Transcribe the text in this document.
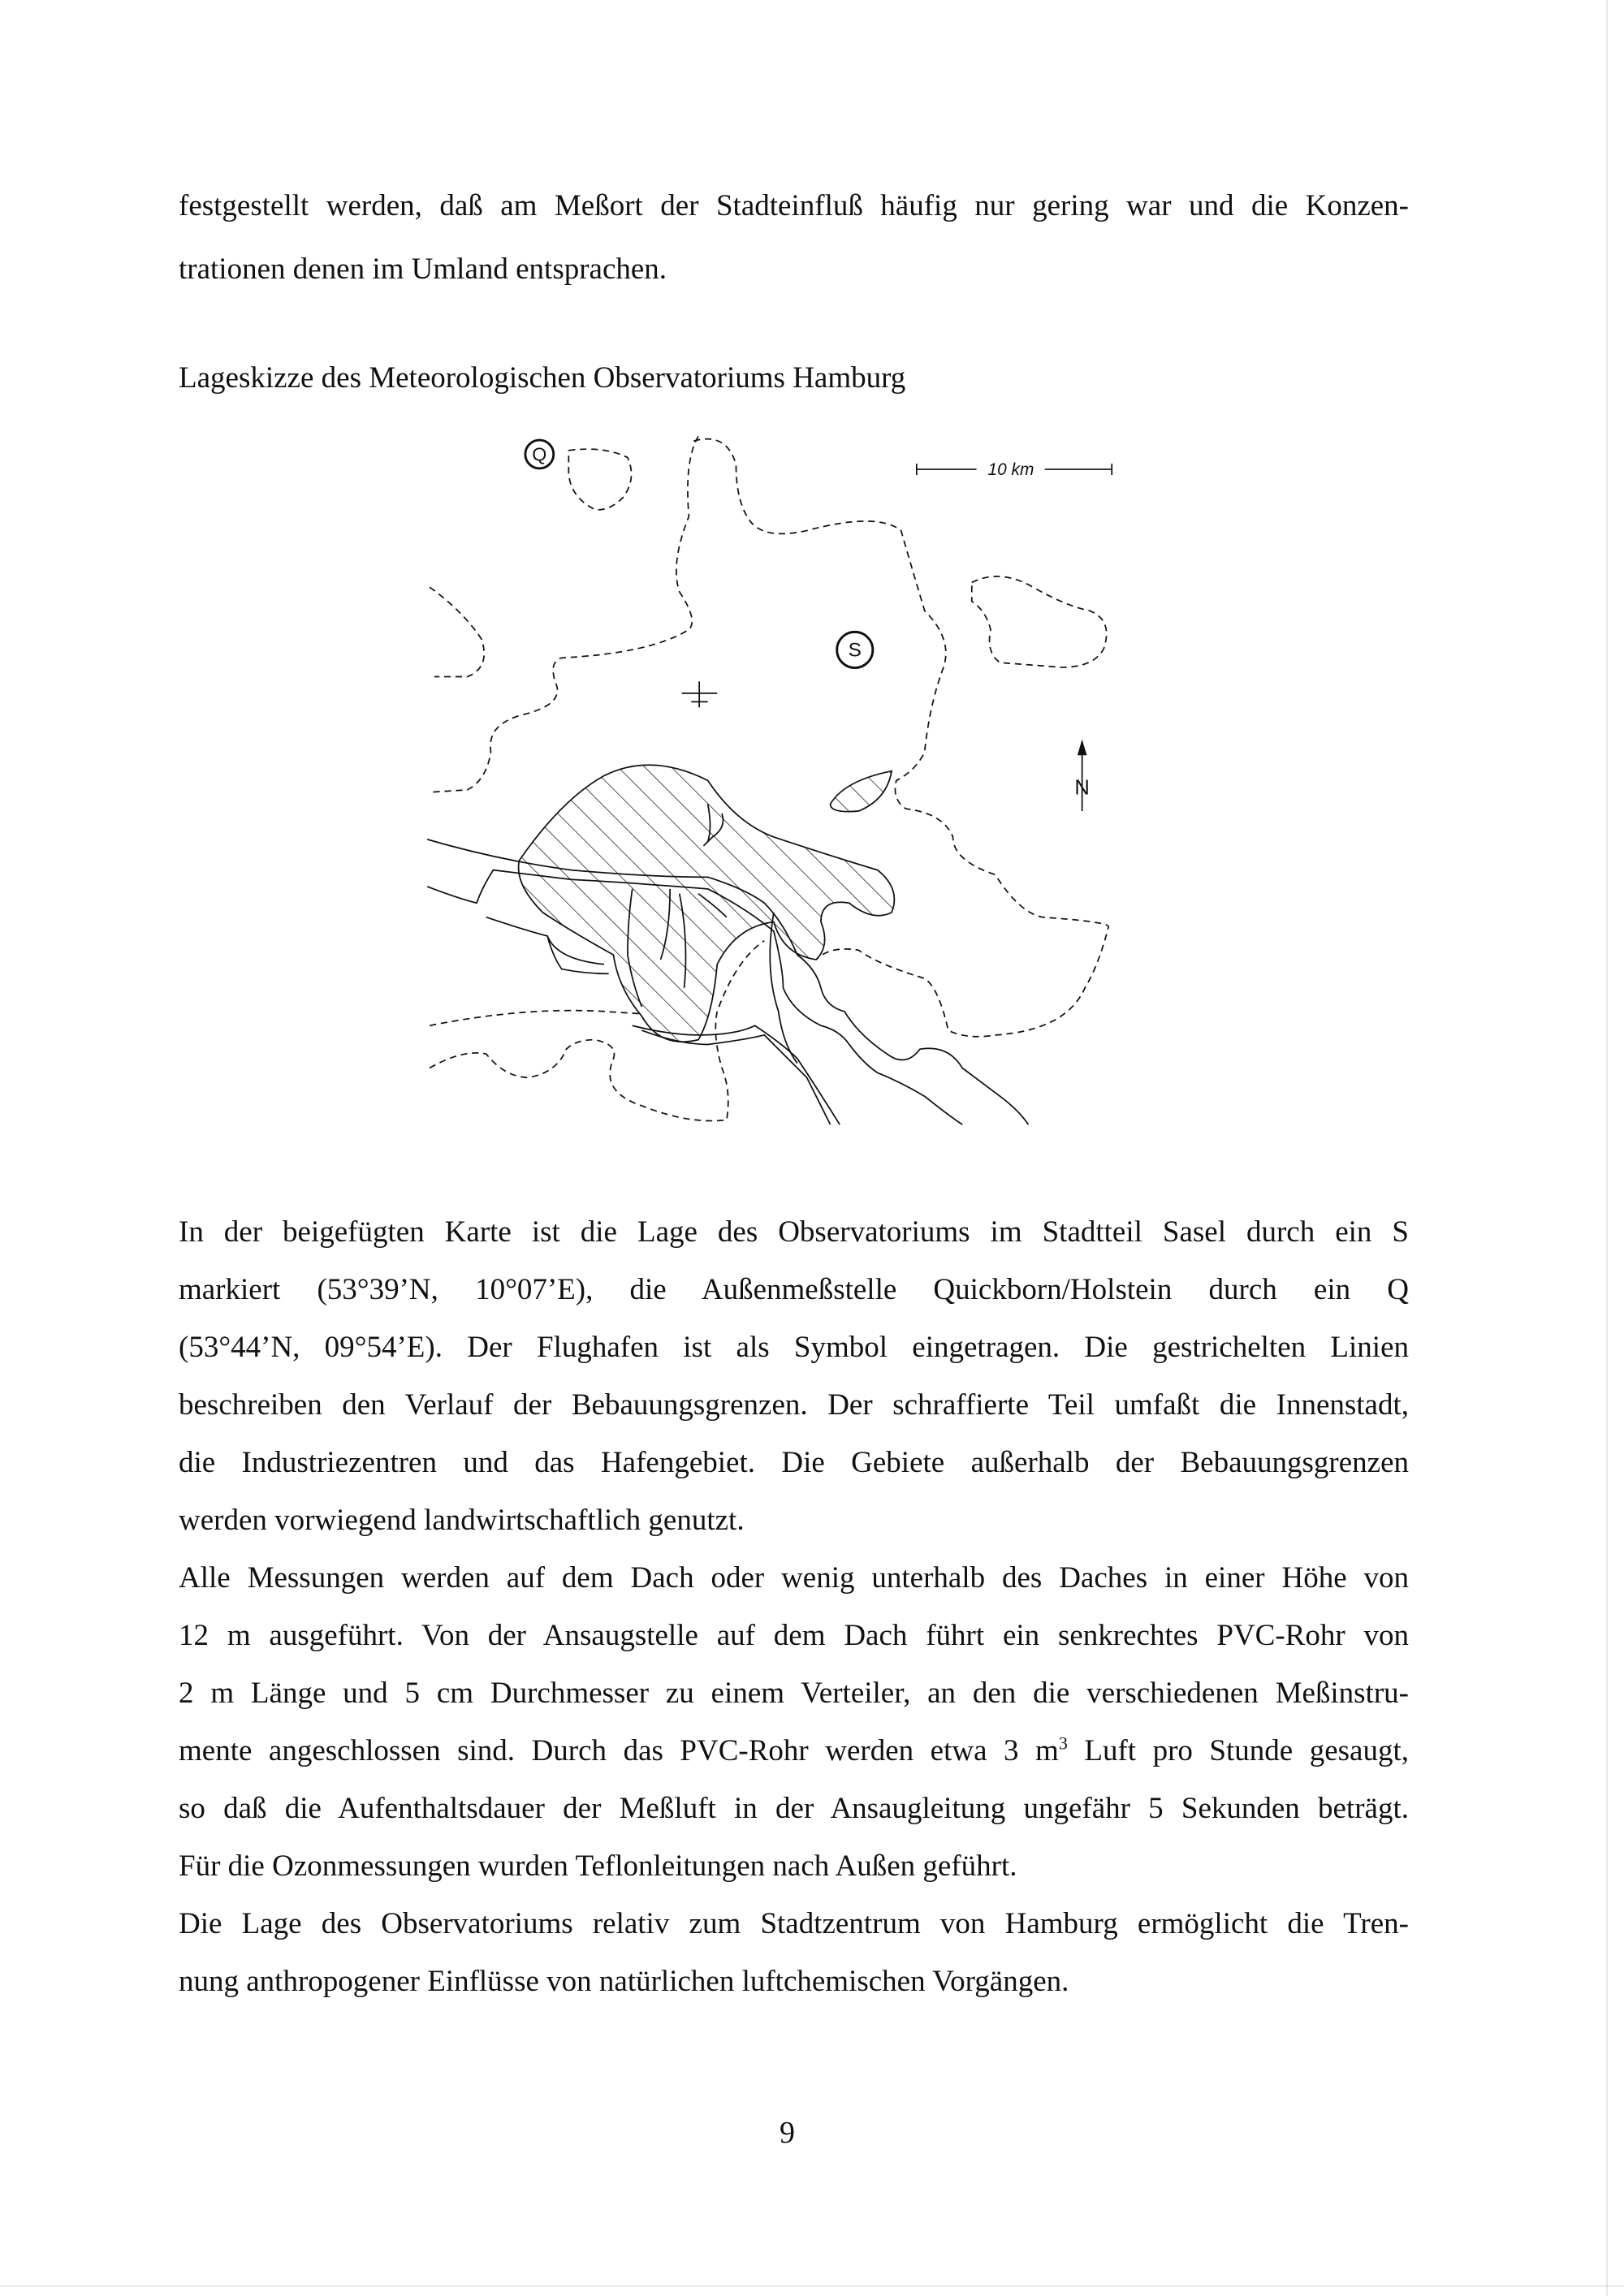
festgestellt werden, daß am Meßort der Stadteinfluß häufig nur gering war und die Konzen-
trationen denen im Umland entsprachen.
Lageskizze des Meteorologischen Observatoriums Hamburg
Q
S
10 km
N
In der beigefügten Karte ist die Lage des Observatoriums im Stadtteil Sasel durch ein S
markiert (53°39’N, 10°07’E), die Außenmeßstelle Quickborn/Holstein durch ein Q
(53°44’N, 09°54’E). Der Flughafen ist als Symbol eingetragen. Die gestrichelten Linien
beschreiben den Verlauf der Bebauungsgrenzen. Der schraffierte Teil umfaßt die Innenstadt,
die Industriezentren und das Hafengebiet. Die Gebiete außerhalb der Bebauungsgrenzen
werden vorwiegend landwirtschaftlich genutzt.
Alle Messungen werden auf dem Dach oder wenig unterhalb des Daches in einer Höhe von
12 m ausgeführt. Von der Ansaugstelle auf dem Dach führt ein senkrechtes PVC-Rohr von
2 m Länge und 5 cm Durchmesser zu einem Verteiler, an den die verschiedenen Meßinstru-
mente angeschlossen sind. Durch das PVC-Rohr werden etwa 3 $m^3$ Luft pro Stunde gesaugt,
so daß die Aufenthaltsdauer der Meßluft in der Ansaugleitung ungefähr 5 Sekunden beträgt.
Für die Ozonmessungen wurden Teflonleitungen nach Außen geführt.
Die Lage des Observatoriums relativ zum Stadtzentrum von Hamburg ermöglicht die Tren-
nung anthropogener Einflüsse von natürlichen luftchemischen Vorgängen.
9
